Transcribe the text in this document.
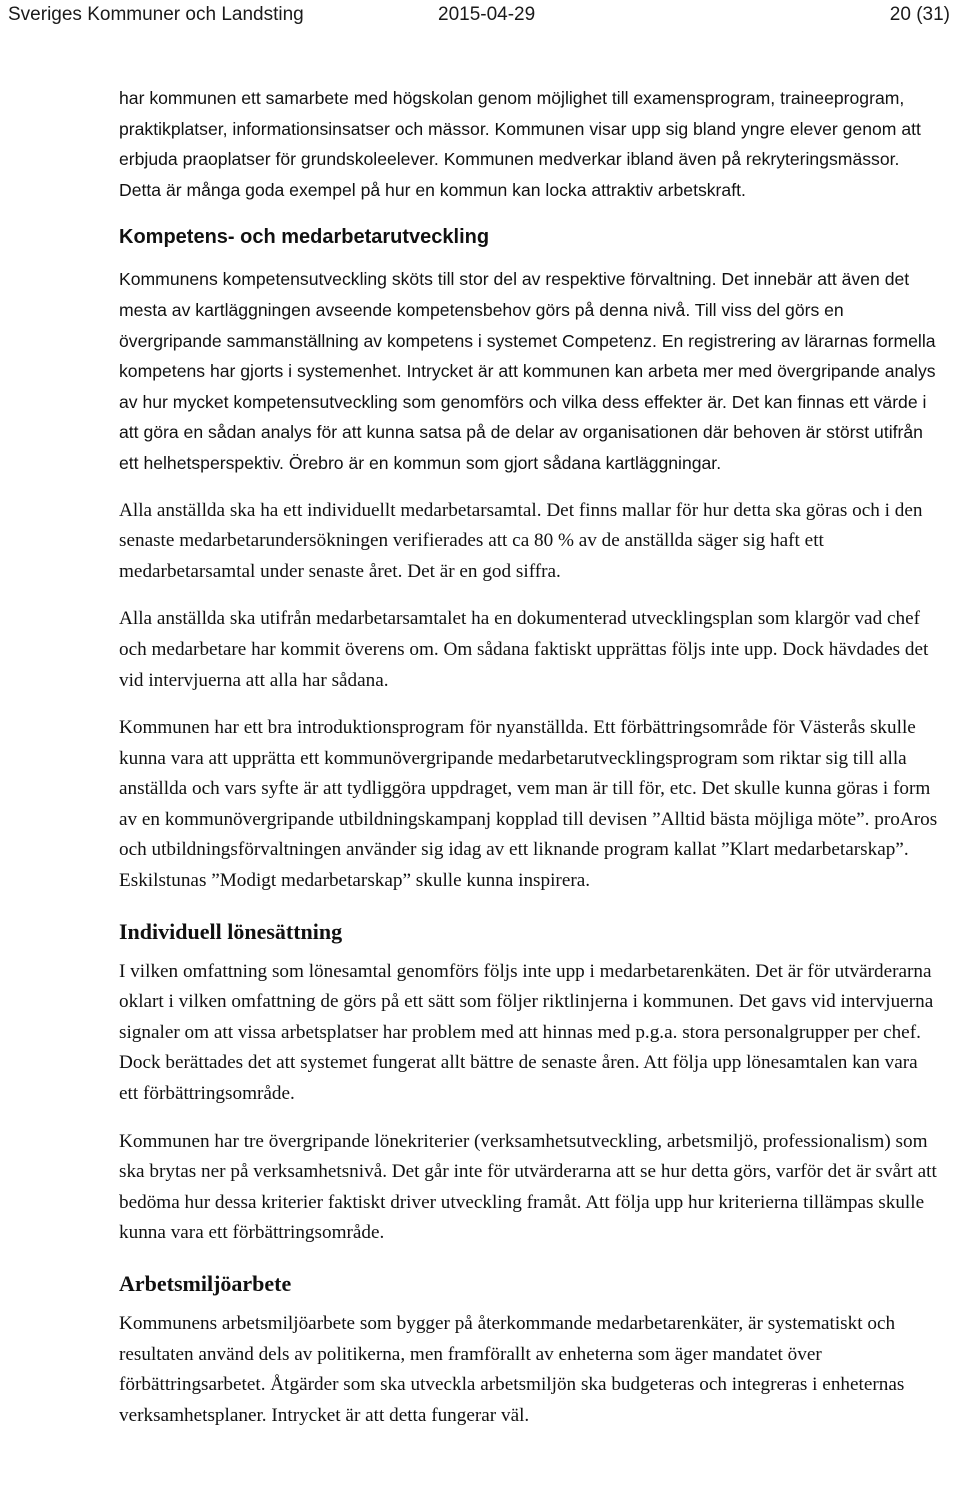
Sveriges Kommuner och Landsting	2015-04-29	20 (31)

har kommunen ett samarbete med högskolan genom möjlighet till examensprogram, traineeprogram, praktikplatser, informationsinsatser och mässor. Kommunen visar upp sig bland yngre elever genom att erbjuda praoplatser för grundskoleelever. Kommunen medverkar ibland även på rekryteringsmässor. Detta är många goda exempel på hur en kommun kan locka attraktiv arbetskraft.

Kompetens- och medarbetarutveckling

Kommunens kompetensutveckling sköts till stor del av respektive förvaltning. Det innebär att även det mesta av kartläggningen avseende kompetensbehov görs på denna nivå. Till viss del görs en övergripande sammanställning av kompetens i systemet Competenz. En registrering av lärarnas formella kompetens har gjorts i systemenhet. Intrycket är att kommunen kan arbeta mer med övergripande analys av hur mycket kompetensutveckling som genomförs och vilka dess effekter är. Det kan finnas ett värde i att göra en sådan analys för att kunna satsa på de delar av organisationen där behoven är störst utifrån ett helhetsperspektiv. Örebro är en kommun som gjort sådana kartläggningar.

Alla anställda ska ha ett individuellt medarbetarsamtal. Det finns mallar för hur detta ska göras och i den senaste medarbetarundersökningen verifierades att ca 80 % av de anställda säger sig haft ett medarbetarsamtal under senaste året. Det är en god siffra.

Alla anställda ska utifrån medarbetarsamtalet ha en dokumenterad utvecklingsplan som klargör vad chef och medarbetare har kommit överens om. Om sådana faktiskt upprättas följs inte upp. Dock hävdades det vid intervjuerna att alla har sådana.

Kommunen har ett bra introduktionsprogram för nyanställda. Ett förbättringsområde för Västerås skulle kunna vara att upprätta ett kommunövergripande medarbetarutvecklingsprogram som riktar sig till alla anställda och vars syfte är att tydliggöra uppdraget, vem man är till för, etc. Det skulle kunna göras i form av en kommunövergripande utbildningskampanj kopplad till devisen ”Alltid bästa möjliga möte”. proAros och utbildningsförvaltningen använder sig idag av ett liknande program kallat ”Klart medarbetarskap”. Eskilstunas ”Modigt medarbetarskap” skulle kunna inspirera.

Individuell lönesättning

I vilken omfattning som lönesamtal genomförs följs inte upp i medarbetarenkäten. Det är för utvärderarna oklart i vilken omfattning de görs på ett sätt som följer riktlinjerna i kommunen. Det gavs vid intervjuerna signaler om att vissa arbetsplatser har problem med att hinnas med p.g.a. stora personalgrupper per chef. Dock berättades det att systemet fungerat allt bättre de senaste åren. Att följa upp lönesamtalen kan vara ett förbättringsområde.

Kommunen har tre övergripande lönekriterier (verksamhetsutveckling, arbetsmiljö, professionalism) som ska brytas ner på verksamhetsnivå. Det går inte för utvärderarna att se hur detta görs, varför det är svårt att bedöma hur dessa kriterier faktiskt driver utveckling framåt. Att följa upp hur kriterierna tillämpas skulle kunna vara ett förbättringsområde.

Arbetsmiljöarbete

Kommunens arbetsmiljöarbete som bygger på återkommande medarbetarenkäter, är systematiskt och resultaten använd dels av politikerna, men framförallt av enheterna som äger mandatet över förbättringsarbetet. Åtgärder som ska utveckla arbetsmiljön ska budgeteras och integreras i enheternas verksamhetsplaner. Intrycket är att detta fungerar väl.
